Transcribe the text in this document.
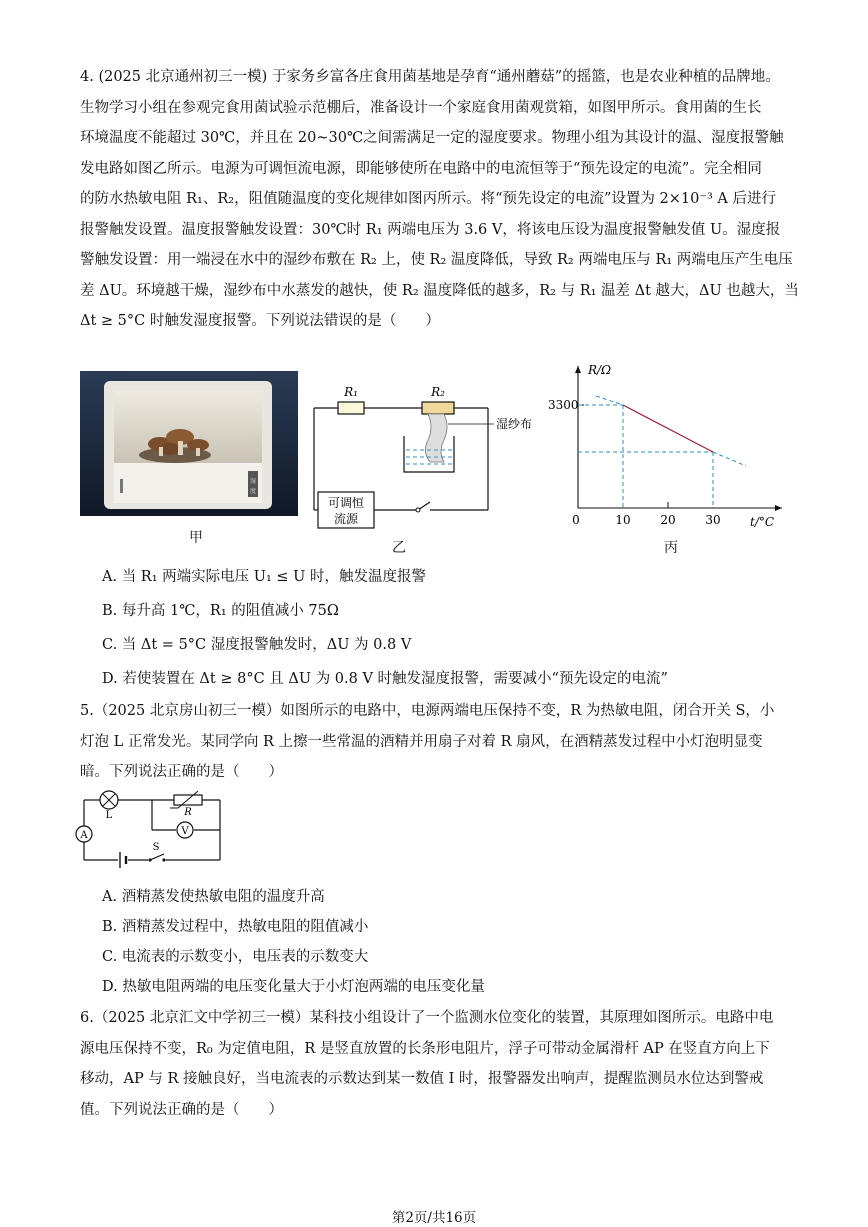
4. (2025 北京通州初三一模) 于家务乡富各庄食用菌基地是孕育“通州蘑菇”的摇篮，也是农业种植的品牌地。
生物学习小组在参观完食用菌试验示范棚后，准备设计一个家庭食用菌观赏箱，如图甲所示。食用菌的生长
环境温度不能超过 30℃，并且在 20~30℃之间需满足一定的湿度要求。物理小组为其设计的温、湿度报警触
发电路如图乙所示。电源为可调恒流电源，即能够使所在电路中的电流恒等于“预先设定的电流”。完全相同
的防水热敏电阻 R₁、R₂，阻值随温度的变化规律如图丙所示。将“预先设定的电流”设置为 2×10⁻³ A 后进行
报警触发设置。温度报警触发设置：30℃时 R₁ 两端电压为 3.6 V，将该电压设为温度报警触发值 U。湿度报
警触发设置：用一端浸在水中的湿纱布敷在 R₂ 上，使 R₂ 温度降低，导致 R₂ 两端电压与 R₁ 两端电压产生电压
差 ΔU。环境越干燥，湿纱布中水蒸发的越快，使 R₂ 温度降低的越多，R₂ 与 R₁ 温差 Δt 越大，ΔU 也越大，当
Δt ≥ 5°C 时触发湿度报警。下列说法错误的是（　　）
湿
度
甲
可调恒
流源
R₁	R₂
湿纱布
乙
R/Ω
3300
0	10 20 30 t/°C
丙

A. 当 R₁ 两端实际电压 U₁ ≤ U 时，触发温度报警

B. 每升高 1℃，R₁ 的阻值减小 75Ω

C. 当 Δt = 5°C 湿度报警触发时，ΔU 为 0.8 V

D. 若使装置在 Δt ≥ 8°C 且 ΔU 为 0.8 V 时触发湿度报警，需要减小“预先设定的电流”

5.（2025 北京房山初三一模）如图所示的电路中，电源两端电压保持不变，R 为热敏电阻，闭合开关 S，小
灯泡 L 正常发光。某同学向 R 上擦一些常温的酒精并用扇子对着 R 扇风，在酒精蒸发过程中小灯泡明显变
暗。下列说法正确的是（　　）
L	R
A	V
S

A. 酒精蒸发使热敏电阻的温度升高

B. 酒精蒸发过程中，热敏电阻的阻值减小

C. 电流表的示数变小，电压表的示数变大

D. 热敏电阻两端的电压变化量大于小灯泡两端的电压变化量

6.（2025 北京汇文中学初三一模）某科技小组设计了一个监测水位变化的装置，其原理如图所示。电路中电
源电压保持不变，R₀ 为定值电阻，R 是竖直放置的长条形电阻片，浮子可带动金属滑杆 AP 在竖直方向上下
移动，AP 与 R 接触良好，当电流表的示数达到某一数值 I 时，报警器发出响声，提醒监测员水位达到警戒
值。下列说法正确的是（　　）
第2页/共16页
